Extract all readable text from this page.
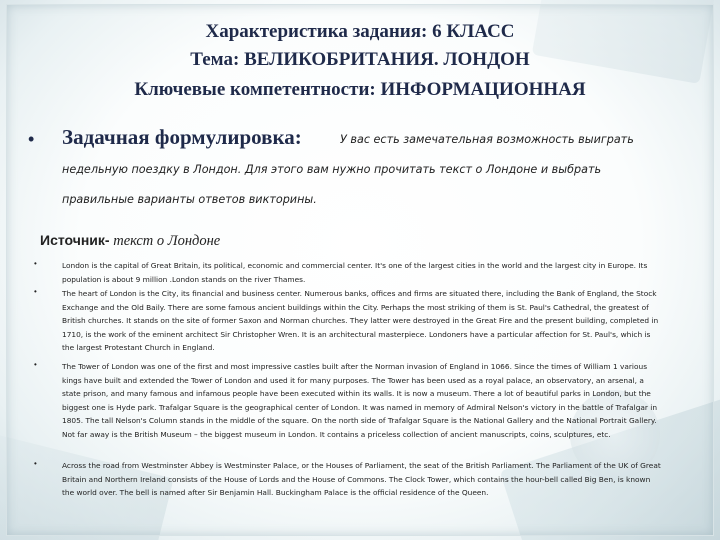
Характеристика задания: 6 КЛАСС
Тема: ВЕЛИКОБРИТАНИЯ. ЛОНДОН
Ключевые компетентности: ИНФОРМАЦИОННАЯ
• Задачная формулировка:	У вас есть замечательная возможность выиграть
недельную поездку в Лондон. Для этого вам нужно прочитать текст о Лондоне и выбрать
правильные варианты ответов викторины.
Источник- текст о Лондоне
•	London is the capital of Great Britain, its political, economic and commercial center. It's one of the largest cities in the world and the largest city in Europe. Its population is about 9 million .London stands on the river Thames.
•	The heart of London is the City, its financial and business center. Numerous banks, offices and firms are situated there, including the Bank of England, the Stock Exchange and the Old Baily. There are some famous ancient buildings within the City. Perhaps the most striking of them is St. Paul's Cathedral, the greatest of British churches. It stands on the site of former Saxon and Norman churches. They latter were destroyed in the Great Fire and the present building, completed in 1710, is the work of the eminent architect Sir Christopher Wren. It is an architectural masterpiece. Londoners have a particular affection for St. Paul's, which is the largest Protestant Church in England.
•	The Tower of London was one of the first and most impressive castles built after the Norman invasion of England in 1066. Since the times of William 1 various kings have built and extended the Tower of London and used it for many purposes. The Tower has been used as a royal palace, an observatory, an arsenal, a state prison, and many famous and infamous people have been executed within its walls. It is now a museum. There a lot of beautiful parks in London, but the biggest one is Hyde park. Trafalgar Square is the geographical center of London. It was named in memory of Admiral Nelson's victory in the battle of Trafalgar in 1805. The tall Nelson's Column stands in the middle of the square. On the north side of Trafalgar Square is the National Gallery and the National Portrait Gallery. Not far away is the British Museum – the biggest museum in London. It contains a priceless collection of ancient manuscripts, coins, sculptures, etc.
•	Across the road from Westminster Abbey is Westminster Palace, or the Houses of Parliament, the seat of the British Parliament. The Parliament of the UK of Great Britain and Northern Ireland consists of the House of Lords and the House of Commons. The Clock Tower, which contains the hour-bell called Big Ben, is known the world over. The bell is named after Sir Benjamin Hall. Buckingham Palace is the official residence of the Queen.
